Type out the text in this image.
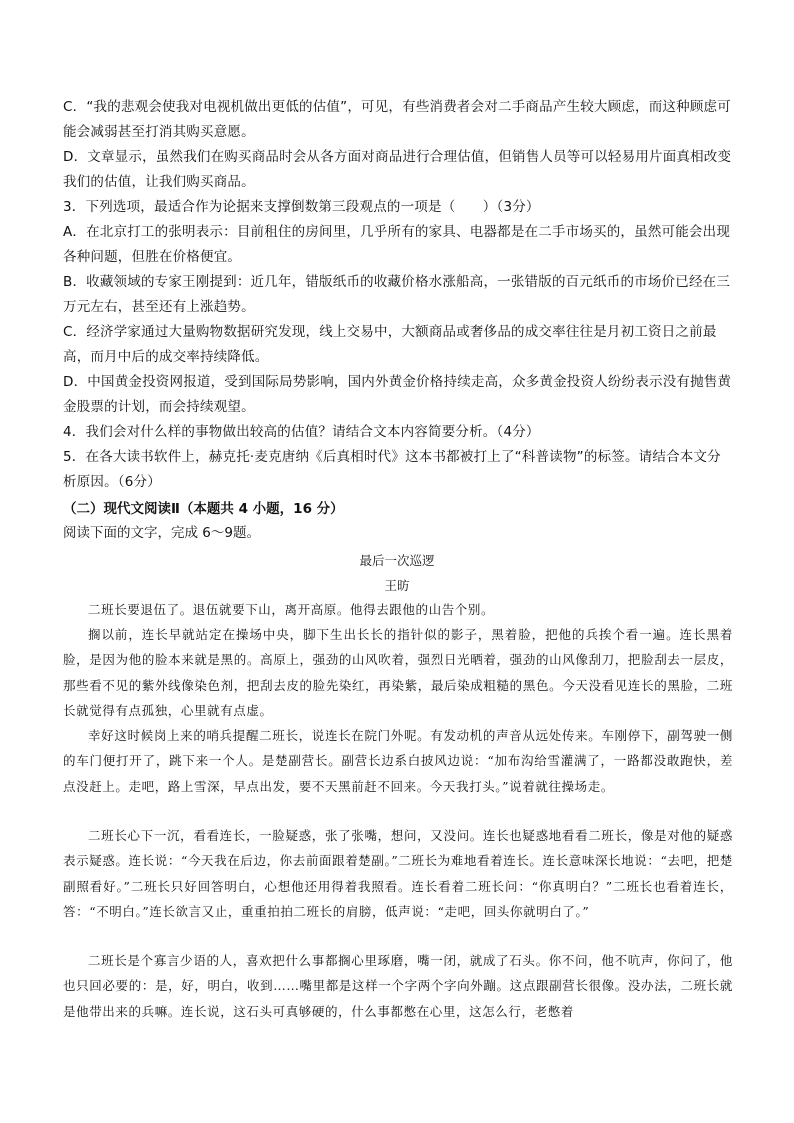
C．“我的悲观会使我对电视机做出更低的估值”，可见，有些消费者会对二手商品产生较大顾虑，而这种顾虑可能会减弱甚至打消其购买意愿。
D．文章显示，虽然我们在购买商品时会从各方面对商品进行合理估值，但销售人员等可以轻易用片面真相改变我们的估值，让我们购买商品。
3．下列选项，最适合作为论据来支撑倒数第三段观点的一项是（　　）（3分）
A．在北京打工的张明表示：目前租住的房间里，几乎所有的家具、电器都是在二手市场买的，虽然可能会出现各种问题，但胜在价格便宜。
B．收藏领域的专家王刚提到：近几年，错版纸币的收藏价格水涨船高，一张错版的百元纸币的市场价已经在三万元左右，甚至还有上涨趋势。
C．经济学家通过大量购物数据研究发现，线上交易中，大额商品或奢侈品的成交率往往是月初工资日之前最高，而月中后的成交率持续降低。
D．中国黄金投资网报道，受到国际局势影响，国内外黄金价格持续走高，众多黄金投资人纷纷表示没有抛售黄金股票的计划，而会持续观望。
4．我们会对什么样的事物做出较高的估值？请结合文本内容简要分析。（4分）
5．在各大读书软件上，赫克托·麦克唐纳《后真相时代》这本书都被打上了“科普读物”的标签。请结合本文分析原因。（6分）
（二）现代文阅读Ⅱ（本题共 4 小题，16 分）
阅读下面的文字，完成 6～9题。
最后一次巡逻
王昉
二班长要退伍了。退伍就要下山，离开高原。他得去跟他的山告个别。
搁以前，连长早就站定在操场中央，脚下生出长长的指针似的影子，黑着脸，把他的兵挨个看一遍。连长黑着脸，是因为他的脸本来就是黑的。高原上，强劲的山风吹着，强烈日光晒着，强劲的山风像刮刀，把脸刮去一层皮，那些看不见的紫外线像染色剂，把刮去皮的脸先染红，再染紫，最后染成粗糙的黑色。今天没看见连长的黑脸，二班长就觉得有点孤独，心里就有点虚。
幸好这时候岗上来的哨兵提醒二班长，说连长在院门外呢。有发动机的声音从远处传来。车刚停下，副驾驶一侧的车门便打开了，跳下来一个人。是楚副营长。副营长边系白披风边说：“加布沟给雪灌满了，一路都没敢跑快，差点没赶上。走吧，路上雪深，早点出发，要不天黑前赶不回来。今天我打头。”说着就往操场走。
二班长心下一沉，看看连长，一脸疑惑，张了张嘴，想问，又没问。连长也疑惑地看看二班长，像是对他的疑惑表示疑惑。连长说：“今天我在后边，你去前面跟着楚副。”二班长为难地看着连长。连长意味深长地说：“去吧，把楚副照看好。”二班长只好回答明白，心想他还用得着我照看。连长看着二班长问：“你真明白？”二班长也看着连长，答：“不明白。”连长欲言又止，重重拍拍二班长的肩膀，低声说：“走吧，回头你就明白了。”
二班长是个寡言少语的人，喜欢把什么事都搁心里琢磨，嘴一闭，就成了石头。你不问，他不吭声，你问了，他也只回必要的：是，好，明白，收到……嘴里都是这样一个字两个字向外蹦。这点跟副营长很像。没办法，二班长就是他带出来的兵嘛。连长说，这石头可真够硬的，什么事都憋在心里，这怎么行，老憋着
